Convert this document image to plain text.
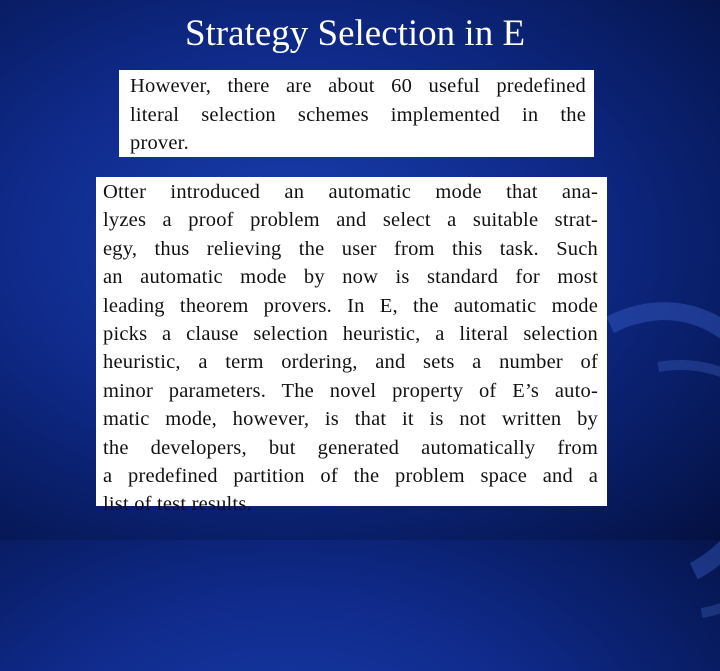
Strategy Selection in E
However, there are about 60 useful predefined
literal selection schemes implemented in the
prover.
Otter introduced an automatic mode that ana-
lyzes a proof problem and select a suitable strat-
egy, thus relieving the user from this task. Such
an automatic mode by now is standard for most
leading theorem provers. In E, the automatic mode
picks a clause selection heuristic, a literal selection
heuristic, a term ordering, and sets a number of
minor parameters. The novel property of E’s auto-
matic mode, however, is that it is not written by
the developers, but generated automatically from
a predefined partition of the problem space and a
list of test results.
